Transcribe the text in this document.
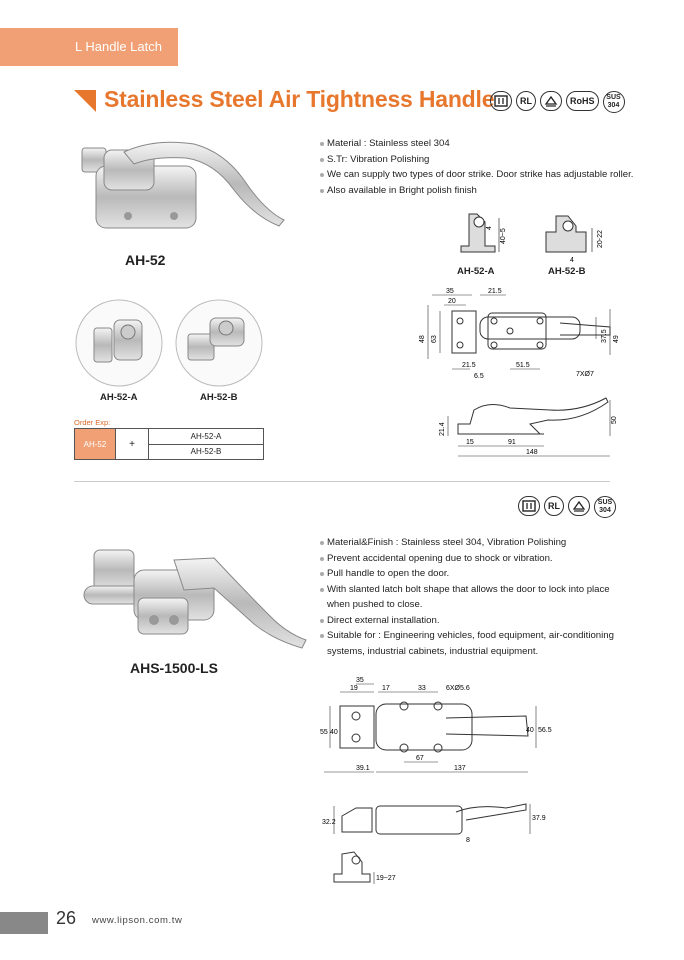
L Handle Latch
Stainless Steel Air Tightness Handle	RL	RoHS	SUS
304
AH-52
Material : Stainless steel 304
S.Tr: Vibration Polishing
We can supply two types of door strike. Door strike has adjustable roller.
Also available in Bright polish finish
4
40~5
AH-52-A
20-22
4
AH-52-B
AH-52-A	AH-52-B
Order Exp:
AH-52	+	AH-52-A
AH-52-B
35	21.5
20
48 63	37.5 49
21.5
6.5
51.5
7XØ7
21.4
50
15	91
148
RL	SUS
304
AHS-1500-LS
Material&Finish : Stainless steel 304, Vibration Polishing
Prevent accidental opening due to shock or vibration.
Pull handle to open the door.
With slanted latch bolt shape that allows the door to lock into place when pushed to close.
Direct external installation.
Suitable for : Engineering vehicles, food equipment, air-conditioning systems, industrial cabinets, industrial equipment.
35
19	17	33	6XØ5.6
55 40	40 56.5
67
39.1	137
32.2
37.9
8
19~27
26 www.lipson.com.tw
